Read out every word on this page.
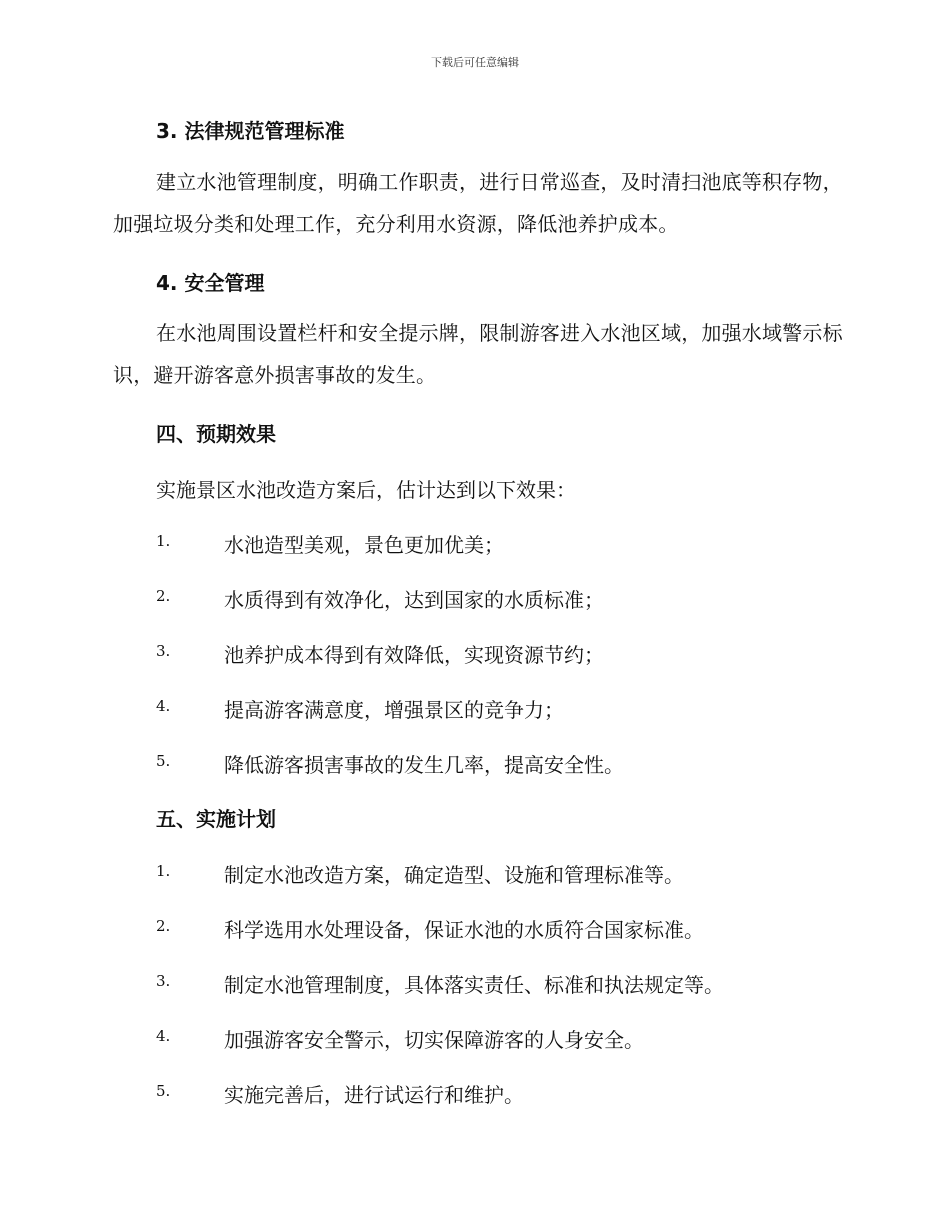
下载后可任意编辑
3. 法律规范管理标准
建立水池管理制度，明确工作职责，进行日常巡查，及时清扫池底等积存物，加强垃圾分类和处理工作，充分利用水资源，降低池养护成本。
4. 安全管理
在水池周围设置栏杆和安全提示牌，限制游客进入水池区域，加强水域警示标识，避开游客意外损害事故的发生。
四、预期效果
实施景区水池改造方案后，估计达到以下效果：
1.	水池造型美观，景色更加优美；
2.	水质得到有效净化，达到国家的水质标准；
3.	池养护成本得到有效降低，实现资源节约；
4.	提高游客满意度，增强景区的竞争力；
5.	降低游客损害事故的发生几率，提高安全性。
五、实施计划
1.	制定水池改造方案，确定造型、设施和管理标准等。
2.	科学选用水处理设备，保证水池的水质符合国家标准。
3.	制定水池管理制度，具体落实责任、标准和执法规定等。
4.	加强游客安全警示，切实保障游客的人身安全。
5.	实施完善后，进行试运行和维护。
